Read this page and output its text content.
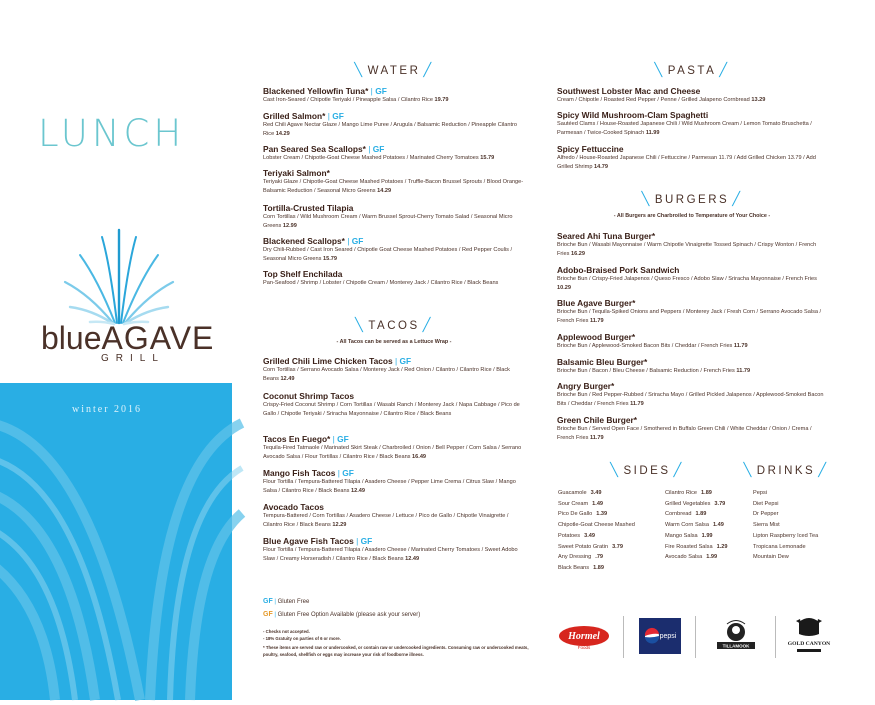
LUNCH
blueAGAVE
GRILL
winter 2016
╲ WATER ╱
Blackened Yellowfin Tuna* | GF
Cast Iron-Seared / Chipotle Teriyaki / Pineapple Salsa / Cilantro Rice 19.79
Grilled Salmon* | GF
Red Chili Agave Nectar Glaze / Mango Lime Puree / Arugula / Balsamic Reduction / Pineapple Cilantro Rice 14.29
Pan Seared Sea Scallops* | GF
Lobster Cream / Chipotle-Goat Cheese Mashed Potatoes / Marinated Cherry Tomatoes 15.79
Teriyaki Salmon*
Teriyaki Glaze / Chipotle-Goat Cheese Mashed Potatoes / Truffle-Bacon Brussel Sprouts / Blood Orange-Balsamic Reduction / Seasonal Micro Greens 14.29
Tortilla-Crusted Tilapia
Corn Tortillas / Wild Mushroom Cream / Warm Brussel Sprout-Cherry Tomato Salad / Seasonal Micro Greens 12.99
Blackened Scallops* | GF
Dry Chili-Rubbed / Cast Iron Seared / Chipotle Goat Cheese Mashed Potatoes / Red Pepper Coulis / Seasonal Micro Greens 15.79
Top Shelf Enchilada
Pan-Seafood / Shrimp / Lobster / Chipotle Cream / Monterey Jack / Cilantro Rice / Black Beans
╲ TACOS ╱
- All Tacos can be served as a Lettuce Wrap -
Grilled Chili Lime Chicken Tacos | GF
Corn Tortillas / Serrano Avocado Salsa / Monterey Jack / Red Onion / Cilantro / Cilantro Rice / Black Beans 12.49
Coconut Shrimp Tacos
Crispy-Fried Coconut Shrimp / Corn Tortillas / Wasabi Ranch / Monterey Jack / Napa Cabbage / Pico de Gallo / Chipotle Teriyaki / Sriracha Mayonnaise / Cilantro Rice / Black Beans
Tacos En Fuego* | GF
Tequila-Fired Tatmaole / Marinated Skirt Steak / Charbroiled / Onion / Bell Pepper / Corn Salsa / Serrano Avocado Salsa / Flour Tortillas / Cilantro Rice / Black Beans 16.49
Mango Fish Tacos | GF
Flour Tortilla / Tempura-Battered Tilapia / Asadero Cheese / Pepper Lime Crema / Citrus Slaw / Mango Salsa / Cilantro Rice / Black Beans 12.49
Avocado Tacos
Tempura-Battered / Corn Tortillas / Asadero Cheese / Lettuce / Pico de Gallo / Chipotle Vinaigrette / Cilantro Rice / Black Beans 12.29
Blue Agave Fish Tacos | GF
Flour Tortilla / Tempura-Battered Tilapia / Asadero Cheese / Marinated Cherry Tomatoes / Sweet Adobo Slaw / Creamy Horseradish / Cilantro Rice / Black Beans 12.49
GF | Gluten Free
GF | Gluten Free Option Available (please ask your server)
- Checks not accepted.
- 18% Gratuity on parties of 6 or more.
* These items are served raw or undercooked, or contain raw or undercooked ingredients. Consuming raw or undercooked meats, poultry, seafood, shellfish or eggs may increase your risk of foodborne illness.
╲ PASTA ╱
Southwest Lobster Mac and Cheese
Cream / Chipotle / Roasted Red Pepper / Penne / Grilled Jalapeno Cornbread 13.29
Spicy Wild Mushroom-Clam Spaghetti
Sautéed Clams / House-Roasted Japanese Chili / Wild Mushroom Cream / Lemon Tomato Bruschetta / Parmesan / Twice-Cooked Spinach 11.99
Spicy Fettuccine
Alfredo / House-Roasted Japanese Chili / Fettuccine / Parmesan 11.79 / Add Grilled Chicken 13.79 / Add Grilled Shrimp 14.79
╲ BURGERS ╱
- All Burgers are Charbroiled to Temperature of Your Choice -
Seared Ahi Tuna Burger*
Brioche Bun / Wasabi Mayonnaise / Warm Chipotle Vinaigrette Tossed Spinach / Crispy Wonton / French Fries 16.29
Adobo-Braised Pork Sandwich
Brioche Bun / Crispy-Fried Jalapenos / Queso Fresco / Adobo Slaw / Sriracha Mayonnaise / French Fries 10.29
Blue Agave Burger*
Brioche Bun / Tequila-Spiked Onions and Peppers / Monterey Jack / Fresh Corn / Serrano Avocado Salsa / French Fries 11.79
Applewood Burger*
Brioche Bun / Applewood-Smoked Bacon Bits / Cheddar / French Fries 11.79
Balsamic Bleu Burger*
Brioche Bun / Bacon / Bleu Cheese / Balsamic Reduction / French Fries 11.79
Angry Burger*
Brioche Bun / Red Pepper-Rubbed / Sriracha Mayo / Grilled Pickled Jalapenos / Applewood-Smoked Bacon Bits / Cheddar / French Fries 11.79
Green Chile Burger*
Brioche Bun / Served Open Face / Smothered in Buffalo Green Chili / White Cheddar / Onion / Crema / French Fries 11.79
╲ SIDES ╱
Guacamole 3.49
Sour Cream 1.49
Pico De Gallo 1.39
Chipotle-Goat Cheese Mashed
Potatoes 3.49
Sweet Potato Gratin 3.79
Any Dressing .79
Black Beans 1.89
Cilantro Rice 1.89
Grilled Vegetables 3.79
Cornbread 1.89
Warm Corn Salsa 1.49
Mango Salsa 1.99
Fire Roasted Salsa 1.29
Avocado Salsa 1.99
╲ DRINKS ╱
Pepsi
Diet Pepsi
Dr Pepper
Sierra Mist
Lipton Raspberry Iced Tea
Tropicana Lemonade
Mountain Dew
Hormel
Foods
pepsi
TILLAMOOK	GOLD CANYON
